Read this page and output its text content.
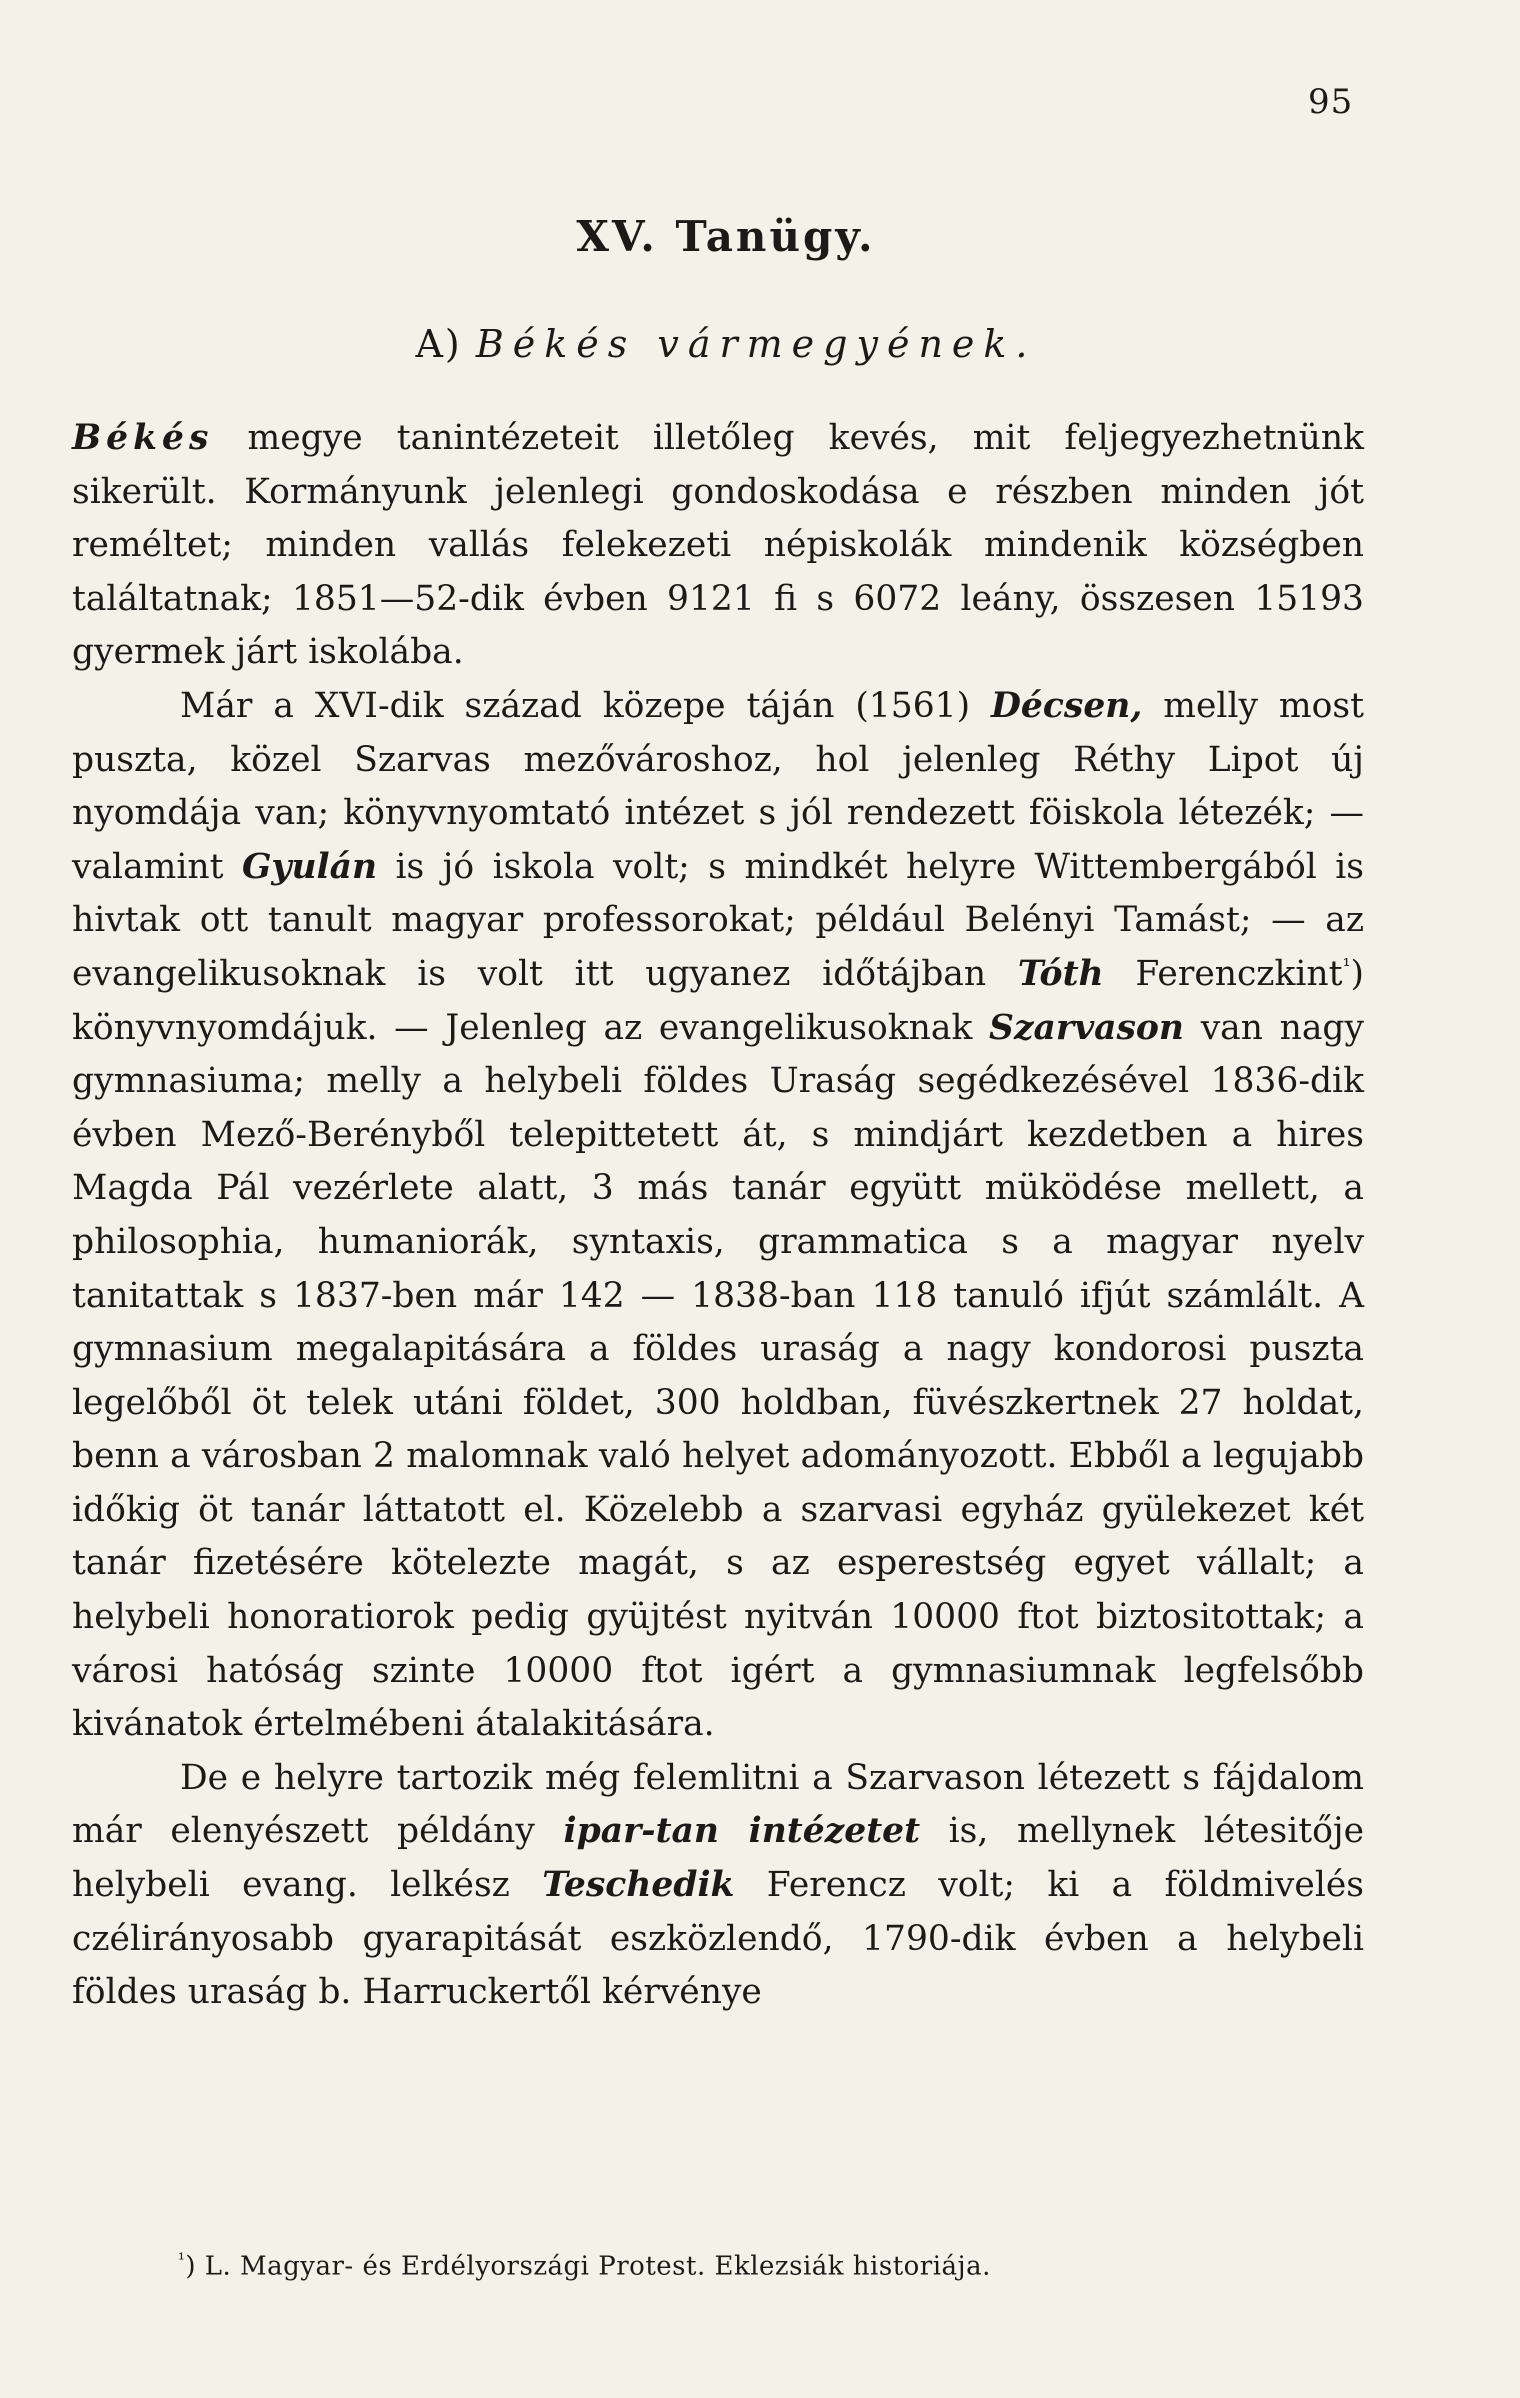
95
XV. Tanügy.
A) Békés vármegyének.

Békés megye tanintézeteit illetőleg kevés, mit feljegyezhetnünk sikerült. Kormányunk jelenlegi gondoskodása e részben minden jót reméltet; minden vallás felekezeti népiskolák mindenik községben találtatnak; 1851—52-dik évben 9121 fi s 6072 leány, összesen 15193 gyermek járt iskolába.

Már a XVI-dik század közepe táján (1561) Décsen, melly most puszta, közel Szarvas mezővároshoz, hol jelenleg Réthy Lipot új nyomdája van; könyvnyomtató intézet s jól rendezett föiskola létezék; — valamint Gyulán is jó iskola volt; s mindkét helyre Wittembergából is hivtak ott tanult magyar professorokat; például Belényi Tamást; — az evangelikusoknak is volt itt ugyanez időtájban Tóth Ferenczkint$^{^1}$) könyvnyomdájuk. — Jelenleg az evangelikusoknak Szarvason van nagy gymnasiuma; melly a helybeli földes Uraság segédkezésével 1836-dik évben Mező-Berényből telepittetett át, s mindjárt kezdetben a hires Magda Pál vezérlete alatt, 3 más tanár együtt müködése mellett, a philosophia, humaniorák, syntaxis, grammatica s a magyar nyelv tanitattak s 1837-ben már 142 — 1838-ban 118 tanuló ifjút számlált. A gymnasium megalapitására a földes uraság a nagy kondorosi puszta legelőből öt telek utáni földet, 300 holdban, füvészkertnek 27 holdat, benn a városban 2 malomnak való helyet adományozott. Ebből a legujabb időkig öt tanár láttatott el. Közelebb a szarvasi egyház gyülekezet két tanár fizetésére kötelezte magát, s az esperestség egyet vállalt; a helybeli honoratiorok pedig gyüjtést nyitván 10000 ftot biztositottak; a városi hatóság szinte 10000 ftot igért a gymnasiumnak legfelsőbb kivánatok értelmébeni átalakitására.

De e helyre tartozik még felemlitni a Szarvason létezett s fájdalom már elenyészett példány ipar-tan intézetet is, mellynek létesitője helybeli evang. lelkész Teschedik Ferencz volt; ki a földmivelés czélirányosabb gyarapitását eszközlendő, 1790-dik évben a helybeli földes uraság b. Harruckertől kérvénye

$^{^1}$) L. Magyar- és Erdélyországi Protest. Eklezsiák historiája.
